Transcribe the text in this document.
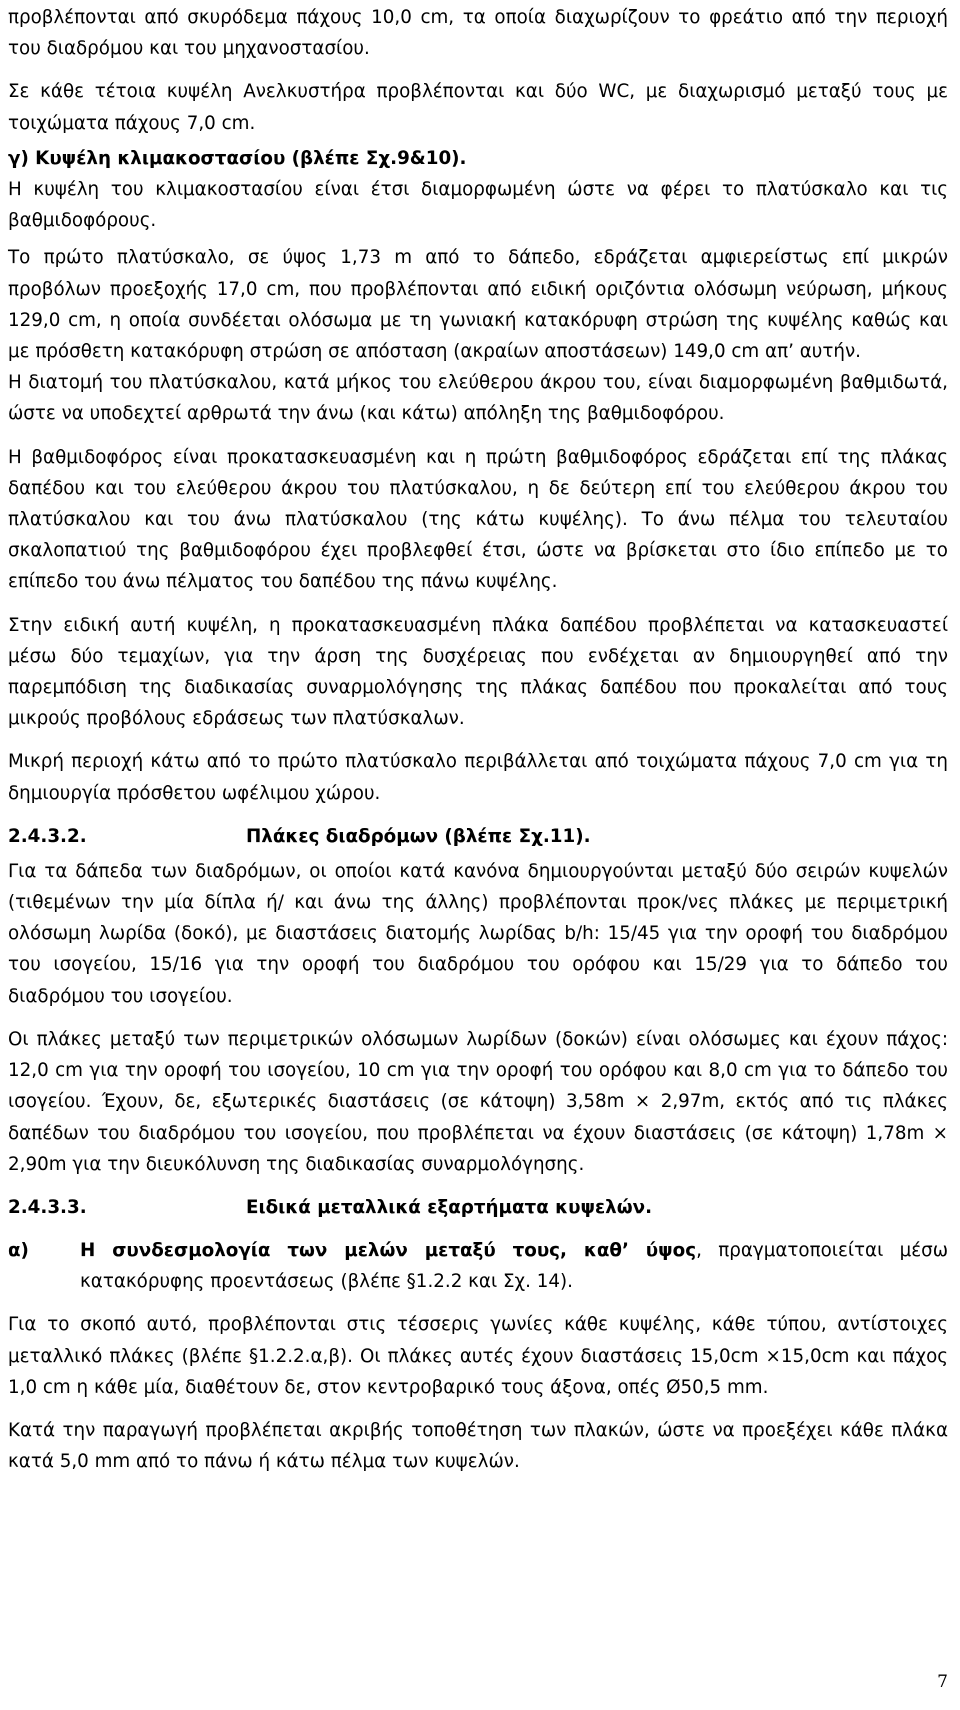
προβλέπονται από σκυρόδεμα πάχους 10,0 cm, τα οποία διαχωρίζουν το φρεάτιο από την περιοχή του διαδρόμου και του μηχανοστασίου.

Σε κάθε τέτοια κυψέλη Ανελκυστήρα προβλέπονται και δύο WC, με διαχωρισμό μεταξύ τους με τοιχώματα πάχους 7,0 cm.

γ) Κυψέλη κλιμακοστασίου (βλέπε Σχ.9&10).

Η κυψέλη του κλιμακοστασίου είναι έτσι διαμορφωμένη ώστε να φέρει το πλατύσκαλο και τις βαθμιδοφόρους.

Το πρώτο πλατύσκαλο, σε ύψος 1,73 m από το δάπεδο, εδράζεται αμφιερείστως επί μικρών προβόλων προεξοχής 17,0 cm, που προβλέπονται από ειδική οριζόντια ολόσωμη νεύρωση, μήκους 129,0 cm, η οποία συνδέεται ολόσωμα με τη γωνιακή κατακόρυφη στρώση της κυψέλης καθώς και με πρόσθετη κατακόρυφη στρώση σε απόσταση (ακραίων αποστάσεων) 149,0 cm απ’ αυτήν.

Η διατομή του πλατύσκαλου, κατά μήκος του ελεύθερου άκρου του, είναι διαμορφωμένη βαθμιδωτά, ώστε να υποδεχτεί αρθρωτά την άνω (και κάτω) απόληξη της βαθμιδοφόρου.

Η βαθμιδοφόρος είναι προκατασκευασμένη και η πρώτη βαθμιδοφόρος εδράζεται επί της πλάκας δαπέδου και του ελεύθερου άκρου του πλατύσκαλου, η δε δεύτερη επί του ελεύθερου άκρου του πλατύσκαλου και του άνω πλατύσκαλου (της κάτω κυψέλης). Το άνω πέλμα του τελευταίου σκαλοπατιού της βαθμιδοφόρου έχει προβλεφθεί έτσι, ώστε να βρίσκεται στο ίδιο επίπεδο με το επίπεδο του άνω πέλματος του δαπέδου της πάνω κυψέλης.

Στην ειδική αυτή κυψέλη, η προκατασκευασμένη πλάκα δαπέδου προβλέπεται να κατασκευαστεί μέσω δύο τεμαχίων, για την άρση της δυσχέρειας που ενδέχεται αν δημιουργηθεί από την παρεμπόδιση της διαδικασίας συναρμολόγησης της πλάκας δαπέδου που προκαλείται από τους μικρούς προβόλους εδράσεως των πλατύσκαλων.

Μικρή περιοχή κάτω από το πρώτο πλατύσκαλο περιβάλλεται από τοιχώματα πάχους 7,0 cm για τη δημιουργία πρόσθετου ωφέλιμου χώρου.

2.4.3.2.	Πλάκες διαδρόμων (βλέπε Σχ.11).

Για τα δάπεδα των διαδρόμων, οι οποίοι κατά κανόνα δημιουργούνται μεταξύ δύο σειρών κυψελών (τιθεμένων την μία δίπλα ή/ και άνω της άλλης) προβλέπονται προκ/νες πλάκες με περιμετρική ολόσωμη λωρίδα (δοκό), με διαστάσεις διατομής λωρίδας b/h: 15/45 για την οροφή του διαδρόμου του ισογείου, 15/16 για την οροφή του διαδρόμου του ορόφου και 15/29 για το δάπεδο του διαδρόμου του ισογείου.

Οι πλάκες μεταξύ των περιμετρικών ολόσωμων λωρίδων (δοκών) είναι ολόσωμες και έχουν πάχος: 12,0 cm για την οροφή του ισογείου, 10 cm για την οροφή του ορόφου και 8,0 cm για το δάπεδο του ισογείου. Έχουν, δε, εξωτερικές διαστάσεις (σε κάτοψη) 3,58m × 2,97m, εκτός από τις πλάκες δαπέδων του διαδρόμου του ισογείου, που προβλέπεται να έχουν διαστάσεις (σε κάτοψη) 1,78m × 2,90m για την διευκόλυνση της διαδικασίας συναρμολόγησης.

2.4.3.3.	Ειδικά μεταλλικά εξαρτήματα κυψελών.
α)	Η συνδεσμολογία των μελών μεταξύ τους, καθ’ ύψος, πραγματοποιείται μέσω κατακόρυφης προεντάσεως (βλέπε §1.2.2 και Σχ. 14).

Για το σκοπό αυτό, προβλέπονται στις τέσσερις γωνίες κάθε κυψέλης, κάθε τύπου, αντίστοιχες μεταλλικό πλάκες (βλέπε §1.2.2.α,β). Οι πλάκες αυτές έχουν διαστάσεις 15,0cm ×15,0cm και πάχος 1,0 cm η κάθε μία, διαθέτουν δε, στον κεντροβαρικό τους άξονα, οπές Ø50,5 mm.

Κατά την παραγωγή προβλέπεται ακριβής τοποθέτηση των πλακών, ώστε να προεξέχει κάθε πλάκα κατά 5,0 mm από το πάνω ή κάτω πέλμα των κυψελών.

7
